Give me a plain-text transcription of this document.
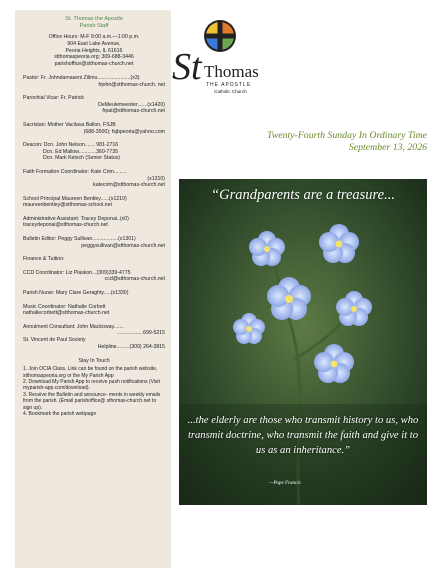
St. Thomas the Apostle
Parish Staff
Office Hours: M-F 9:00 a.m.—1:00 p.m.
904 East Lake Avenue,
Peoria Heights, IL 61616
stthomaspeoria.org; 309-688-3446
parishoffice@stthomas-church.net
Pastor: Fr. Johndamaseni Zilimu.......................(x3)
frjohn@stthomas-church. net
Parochial Vicar: Fr. Patrick
DeMeulemeester.......(x1420)
frpat@stthomas-church.net
Sacristan: Mother Vacilava Ballon, FSJB
(688-3500); fsjbpeoria@yahoo.com
Deacon: Dcn. John Nelson....... 981-2716
Dcn. Ed Mallow............360-7735
Dcn. Mark Ketsch (Senior Status)
Faith Formation Coordinator: Kate Crim.........
(x1310)
katecrim@stthomas-church.net
School Principal Maureen Bentley......(x1210)
maureenbentley@stthomas-school.net
Administrative Assistant: Tracey Deponai..(x0)
traceydeponai@stthomas-church.net
Bulletin Editor: Peggy Sullivan..................(x1301)
peggysullivan@stthomas-church.net
Finance & Tuition:
CCD Coordinator: Liz Plaskon...(309)339-4775
ccd@stthomas-church.net
Parish Nurse: Mary Clare Geraghty.....(x1330)
Music Coordinator: Nathalie Corbett
nathaliecorbett@stthomas-church.net
Annulment Consultant: John Mackoway.......
..................699-5215
St. Vincent de Paul Society
Helpline.........(309) 264-3815
Stay In Touch
1. Join OCIA Class. Link can be found on the parish website, stthomaspeoria.org or the My Parish App
2. Download My Parish App to receive push notifications (Visit myparish-app.com/download).
3. Receive the Bulletin and announce- ments in weekly emails from the parish. (Email parishoffice@ sthomas-church.net to sign up).
4. Bookmark the parish webpage
St Thomas
THE APOSTLE
Catholic Church
Twenty-Fourth Sunday In Ordinary Time
September 13, 2026
“Grandparents are a treasure...
...the elderly are those who transmit history to us, who transmit doctrine, who transmit the faith and give it to us as an inheritance.”
—Pope Francis
